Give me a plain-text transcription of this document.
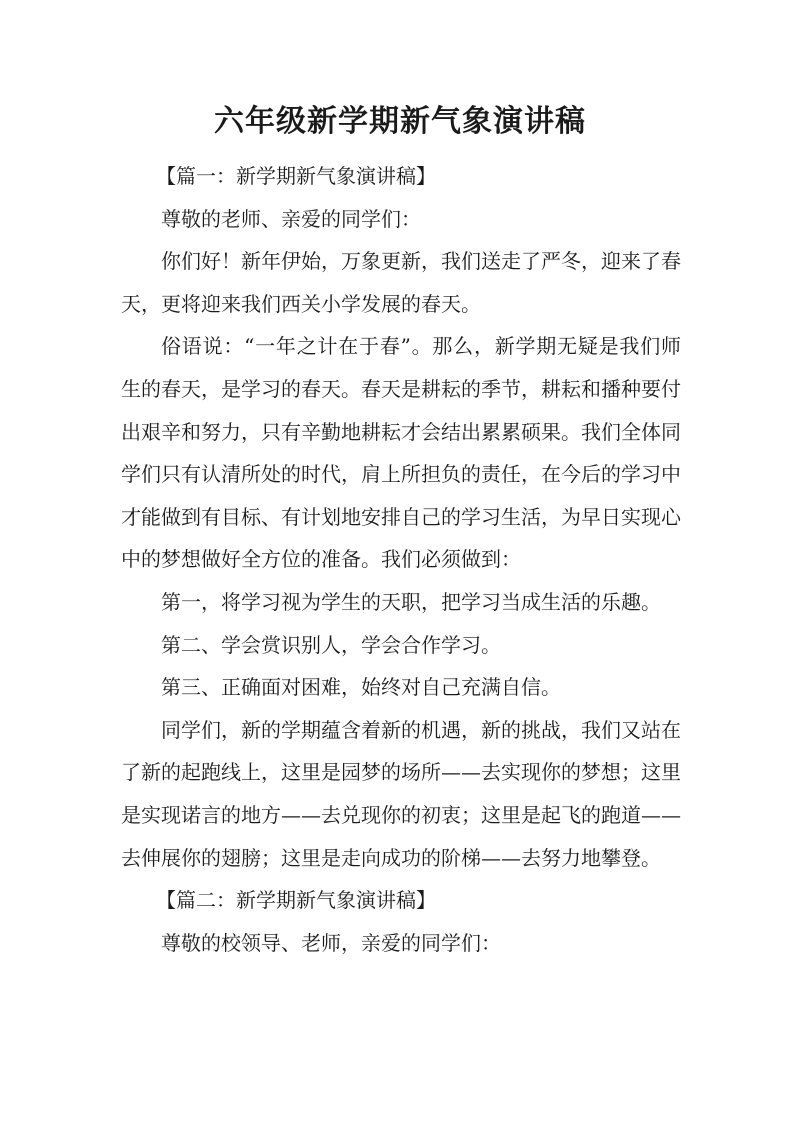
六年级新学期新气象演讲稿

【篇一：新学期新气象演讲稿】

尊敬的老师、亲爱的同学们：

你们好！新年伊始，万象更新，我们送走了严冬，迎来了春天，更将迎来我们西关小学发展的春天。

俗语说：“一年之计在于春”。那么，新学期无疑是我们师生的春天，是学习的春天。春天是耕耘的季节，耕耘和播种要付出艰辛和努力，只有辛勤地耕耘才会结出累累硕果。我们全体同学们只有认清所处的时代，肩上所担负的责任，在今后的学习中才能做到有目标、有计划地安排自己的学习生活，为早日实现心中的梦想做好全方位的准备。我们必须做到：

第一，将学习视为学生的天职，把学习当成生活的乐趣。

第二、学会赏识别人，学会合作学习。

第三、正确面对困难，始终对自己充满自信。

同学们，新的学期蕴含着新的机遇，新的挑战，我们又站在了新的起跑线上，这里是园梦的场所——去实现你的梦想；这里是实现诺言的地方——去兑现你的初衷；这里是起飞的跑道——去伸展你的翅膀；这里是走向成功的阶梯——去努力地攀登。

【篇二：新学期新气象演讲稿】

尊敬的校领导、老师，亲爱的同学们：
